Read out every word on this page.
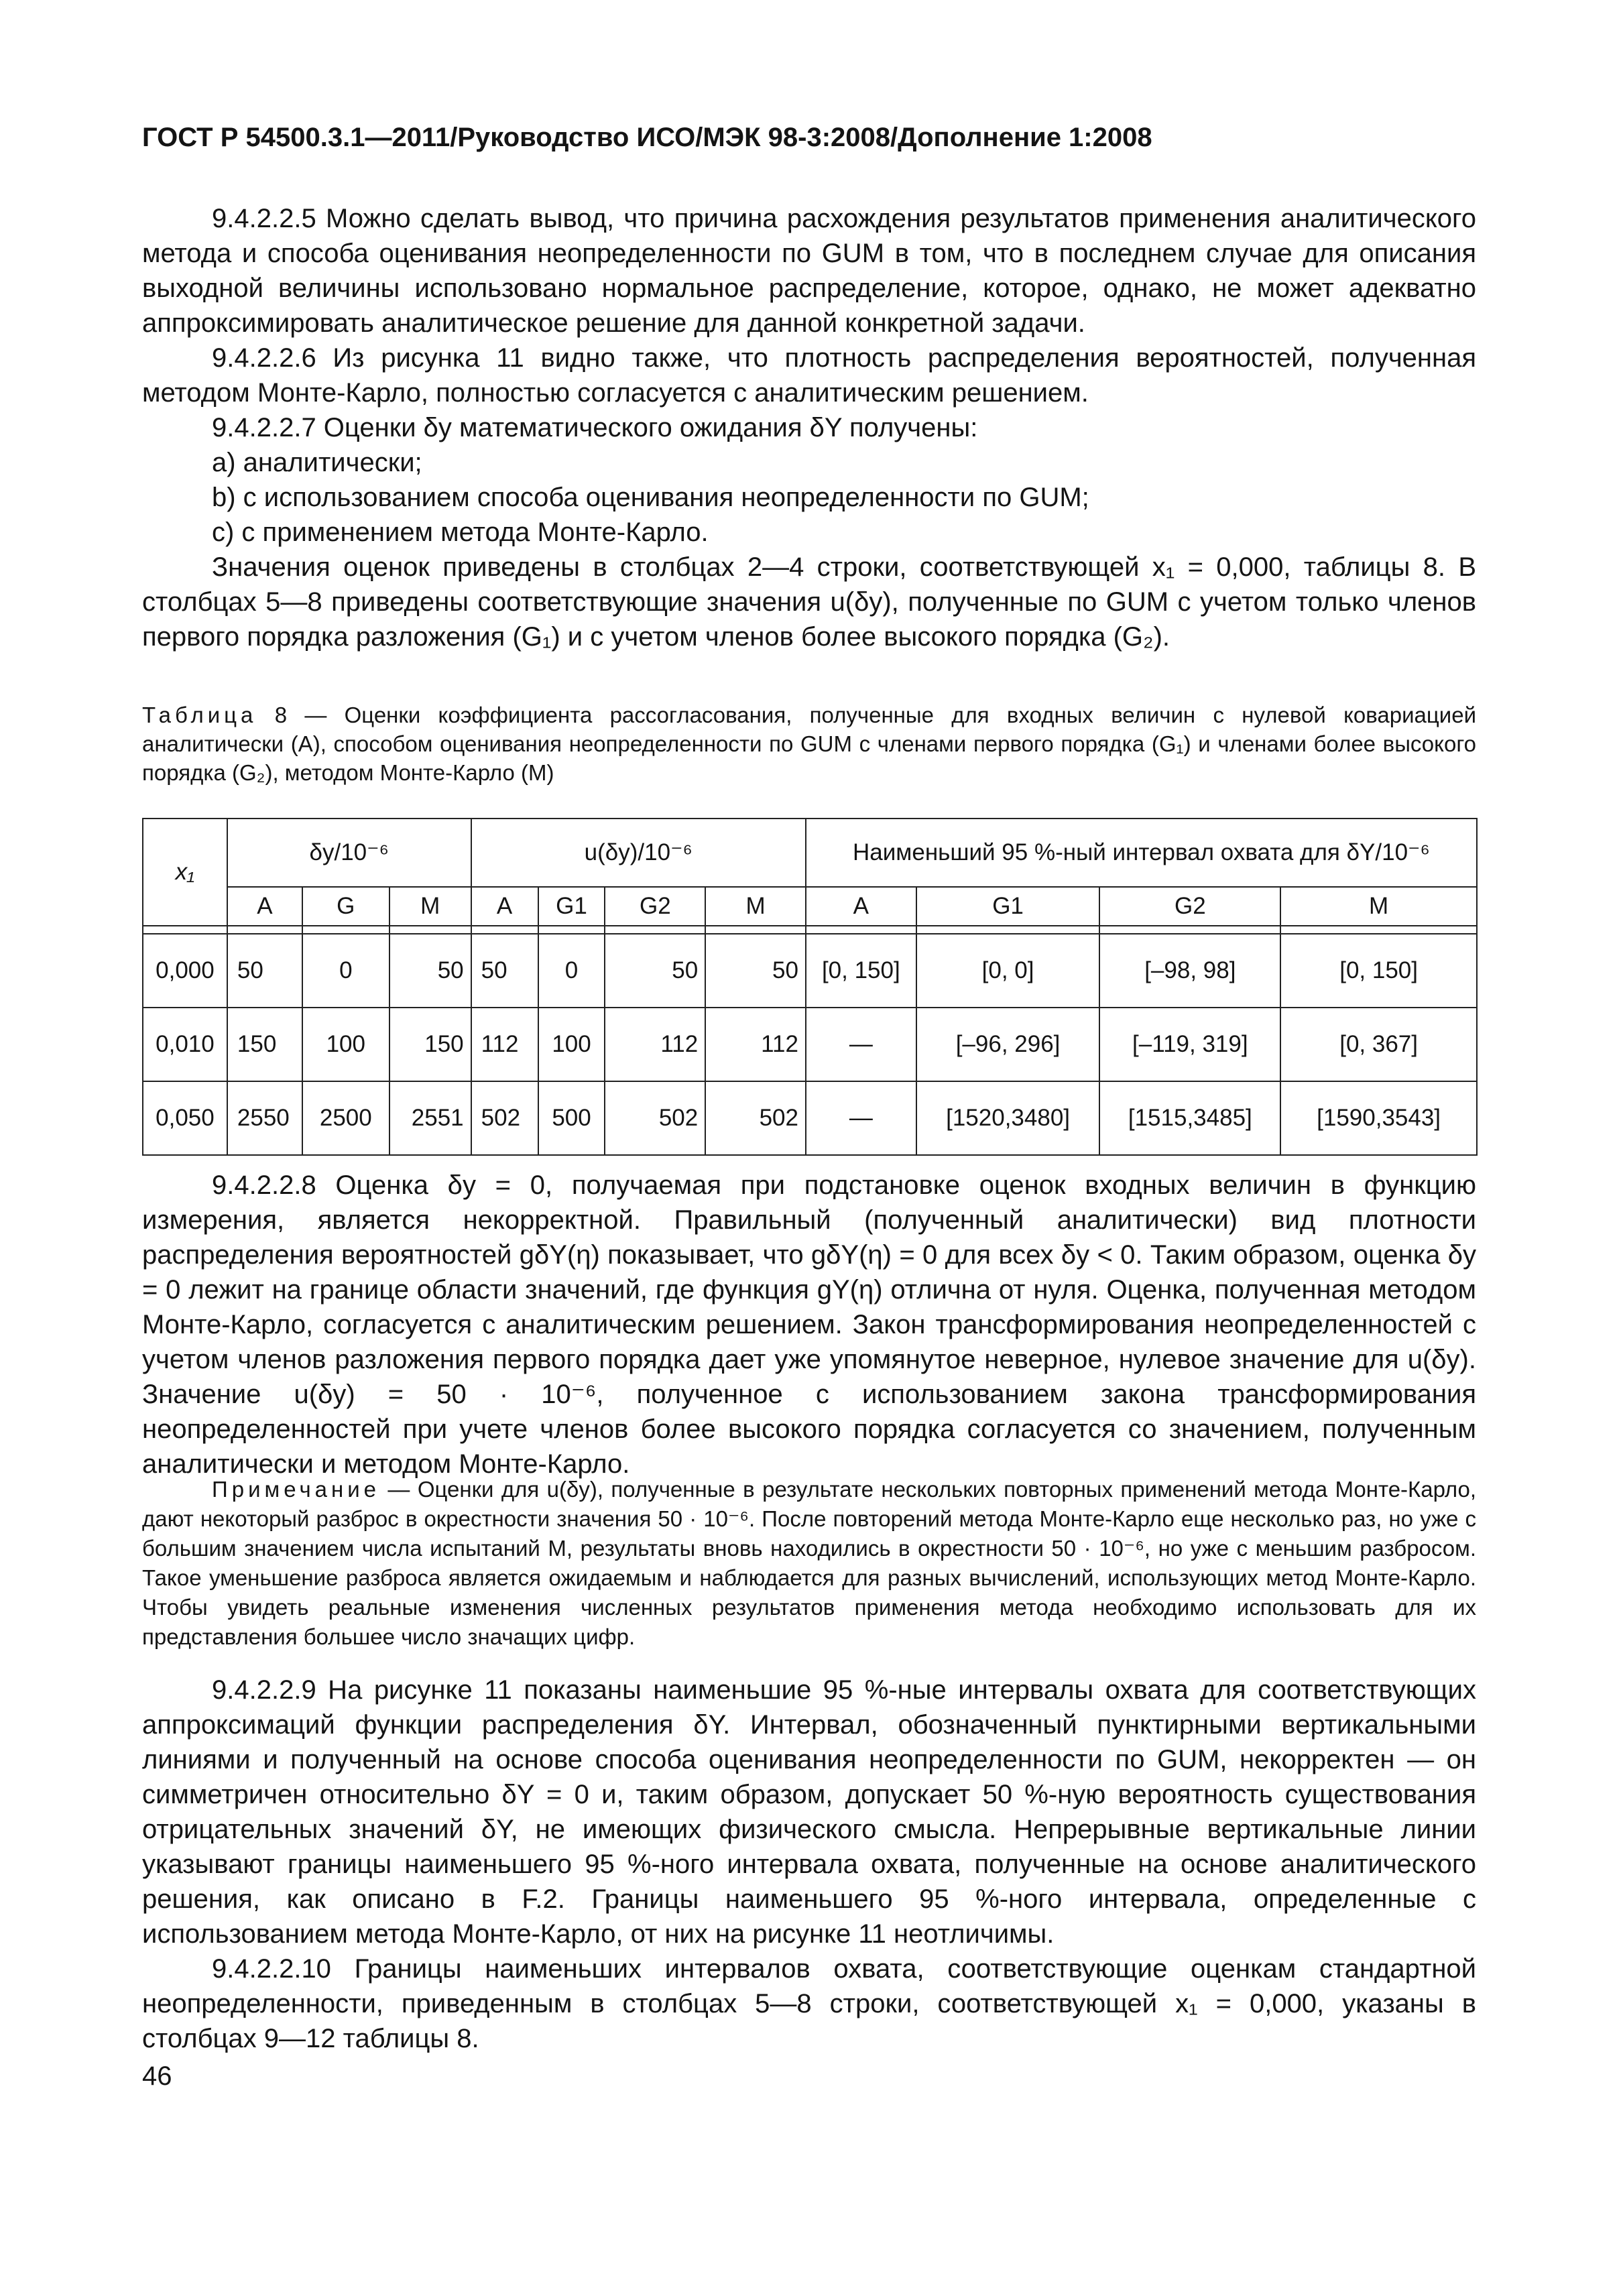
ГОСТ Р 54500.3.1—2011/Руководство ИСО/МЭК 98-3:2008/Дополнение 1:2008

9.4.2.2.5 Можно сделать вывод, что причина расхождения результатов применения аналитического метода и способа оценивания неопределенности по GUM в том, что в последнем случае для описания выходной величины использовано нормальное распределение, которое, однако, не может адекватно аппроксимировать аналитическое решение для данной конкретной задачи.

9.4.2.2.6 Из рисунка 11 видно также, что плотность распределения вероятностей, полученная методом Монте-Карло, полностью согласуется с аналитическим решением.

9.4.2.2.7 Оценки δy математического ожидания δY получены:

а) аналитически;

b) с использованием способа оценивания неопределенности по GUM;

с) с применением метода Монте-Карло.

Значения оценок приведены в столбцах 2—4 строки, соответствующей x₁ = 0,000, таблицы 8. В столбцах 5—8 приведены соответствующие значения u(δy), полученные по GUM с учетом только членов первого порядка разложения (G₁) и с учетом членов более высокого порядка (G₂).

Таблица 8 — Оценки коэффициента рассогласования, полученные для входных величин с нулевой ковариацией аналитически (A), способом оценивания неопределенности по GUM с членами первого порядка (G₁) и членами более высокого порядка (G₂), методом Монте-Карло (M)
x₁	δy/10⁻⁶			u(δy)/10⁻⁶				Наименьший 95 %-ный интервал охвата для δY/10⁻⁶			
	A	G	M	A	G1	G2	M	A	G1	G2	M

0,000	50	0	50	50	0	50	50	[0, 150]	[0, 0]	[–98, 98]	[0, 150]
0,010	150	100	150	112	100	112	112	—	[–96, 296]	[–119, 319]	[0, 367]
0,050	2550	2500	2551	502	500	502	502	—	[1520,3480]	[1515,3485]	[1590,3543]

9.4.2.2.8 Оценка δy = 0, получаемая при подстановке оценок входных величин в функцию измерения, является некорректной. Правильный (полученный аналитически) вид плотности распределения вероятностей gδY(η) показывает, что gδY(η) = 0 для всех δy < 0. Таким образом, оценка δy = 0 лежит на границе области значений, где функция gY(η) отлична от нуля. Оценка, полученная методом Монте-Карло, согласуется с аналитическим решением. Закон трансформирования неопределенностей с учетом членов разложения первого порядка дает уже упомянутое неверное, нулевое значение для u(δy). Значение u(δy) = 50 · 10⁻⁶, полученное с использованием закона трансформирования неопределенностей при учете членов более высокого порядка согласуется со значением, полученным аналитически и методом Монте-Карло.

Примечание — Оценки для u(δy), полученные в результате нескольких повторных применений метода Монте-Карло, дают некоторый разброс в окрестности значения 50 · 10⁻⁶. После повторений метода Монте-Карло еще несколько раз, но уже с большим значением числа испытаний M, результаты вновь находились в окрестности 50 · 10⁻⁶, но уже с меньшим разбросом. Такое уменьшение разброса является ожидаемым и наблюдается для разных вычислений, использующих метод Монте-Карло. Чтобы увидеть реальные изменения численных результатов применения метода необходимо использовать для их представления большее число значащих цифр.

9.4.2.2.9 На рисунке 11 показаны наименьшие 95 %-ные интервалы охвата для соответствующих аппроксимаций функции распределения δY. Интервал, обозначенный пунктирными вертикальными линиями и полученный на основе способа оценивания неопределенности по GUM, некорректен — он симметричен относительно δY = 0 и, таким образом, допускает 50 %-ную вероятность существования отрицательных значений δY, не имеющих физического смысла. Непрерывные вертикальные линии указывают границы наименьшего 95 %-ного интервала охвата, полученные на основе аналитического решения, как описано в F.2. Границы наименьшего 95 %-ного интервала, определенные с использованием метода Монте-Карло, от них на рисунке 11 неотличимы.

9.4.2.2.10 Границы наименьших интервалов охвата, соответствующие оценкам стандартной неопределенности, приведенным в столбцах 5—8 строки, соответствующей x₁ = 0,000, указаны в столбцах 9—12 таблицы 8.

46
